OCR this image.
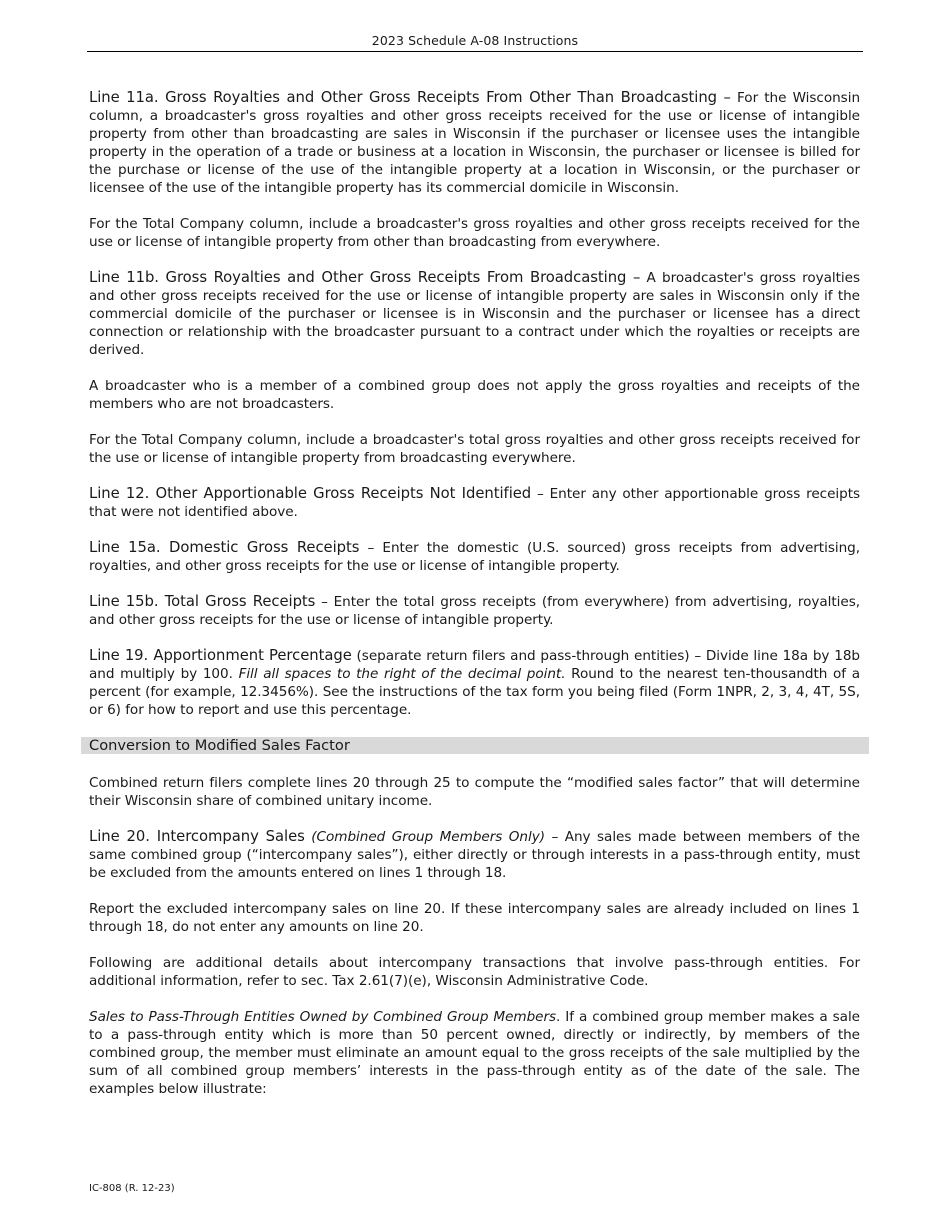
2023 Schedule A-08 Instructions

Line 11a. Gross Royalties and Other Gross Receipts From Other Than Broadcasting – For the Wisconsin column, a broadcaster's gross royalties and other gross receipts received for the use or license of intangible property from other than broadcasting are sales in Wisconsin if the purchaser or licensee uses the intangible property in the operation of a trade or business at a location in Wisconsin, the purchaser or licensee is billed for the purchase or license of the use of the intangible property at a location in Wisconsin, or the purchaser or licensee of the use of the intangible property has its commercial domicile in Wisconsin.

For the Total Company column, include a broadcaster's gross royalties and other gross receipts received for the use or license of intangible property from other than broadcasting from everywhere.

Line 11b. Gross Royalties and Other Gross Receipts From Broadcasting – A broadcaster's gross royalties and other gross receipts received for the use or license of intangible property are sales in Wisconsin only if the commercial domicile of the purchaser or licensee is in Wisconsin and the purchaser or licensee has a direct connection or relationship with the broadcaster pursuant to a contract under which the royalties or receipts are derived.

A broadcaster who is a member of a combined group does not apply the gross royalties and receipts of the members who are not broadcasters.

For the Total Company column, include a broadcaster's total gross royalties and other gross receipts received for the use or license of intangible property from broadcasting everywhere.

Line 12. Other Apportionable Gross Receipts Not Identified – Enter any other apportionable gross receipts that were not identified above.

Line 15a. Domestic Gross Receipts – Enter the domestic (U.S. sourced) gross receipts from advertising, royalties, and other gross receipts for the use or license of intangible property.

Line 15b. Total Gross Receipts – Enter the total gross receipts (from everywhere) from advertising, royalties, and other gross receipts for the use or license of intangible property.

Line 19. Apportionment Percentage (separate return filers and pass-through entities) – Divide line 18a by 18b and multiply by 100. Fill all spaces to the right of the decimal point. Round to the nearest ten-thousandth of a percent (for example, 12.3456%). See the instructions of the tax form you being filed (Form 1NPR, 2, 3, 4, 4T, 5S, or 6) for how to report and use this percentage.

Conversion to Modified Sales Factor

Combined return filers complete lines 20 through 25 to compute the “modified sales factor” that will determine their Wisconsin share of combined unitary income.

Line 20. Intercompany Sales (Combined Group Members Only) – Any sales made between members of the same combined group (“intercompany sales”), either directly or through interests in a pass-through entity, must be excluded from the amounts entered on lines 1 through 18.

Report the excluded intercompany sales on line 20. If these intercompany sales are already included on lines 1 through 18, do not enter any amounts on line 20.

Following are additional details about intercompany transactions that involve pass-through entities. For additional information, refer to sec. Tax 2.61(7)(e), Wisconsin Administrative Code.

Sales to Pass-Through Entities Owned by Combined Group Members. If a combined group member makes a sale to a pass-through entity which is more than 50 percent owned, directly or indirectly, by members of the combined group, the member must eliminate an amount equal to the gross receipts of the sale multiplied by the sum of all combined group members’ interests in the pass-through entity as of the date of the sale. The examples below illustrate:

IC-808 (R. 12-23)
